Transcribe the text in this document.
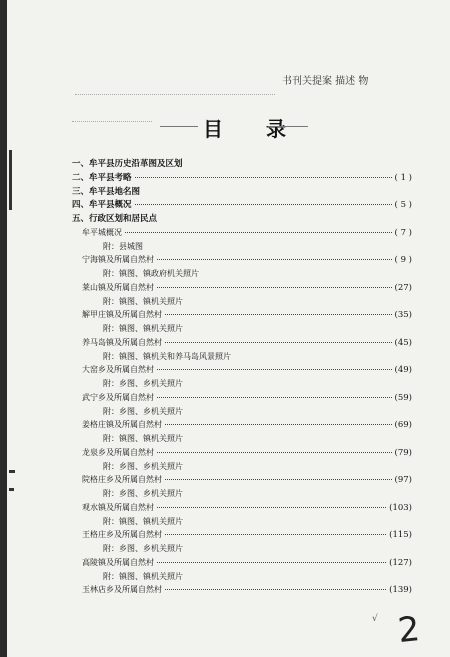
书刊关提案 描述 物
目 录
一、牟平县历史沿革图及区划
二、牟平县考略	( 1 )
三、牟平县地名图
四、牟平县概况	( 5 )
五、行政区划和居民点
牟平城概况	( 7 )
附：县城图
宁海镇及所属自然村	( 9 )
附：镇图、镇政府机关照片
莱山镇及所属自然村	(27)
附：镇图、镇机关照片
解甲庄镇及所属自然村	(35)
附：镇图、镇机关照片
养马岛镇及所属自然村	(45)
附：镇图、镇机关和养马岛风景照片
大窑乡及所属自然村	(49)
附：乡图、乡机关照片
武宁乡及所属自然村	(59)
附：乡图、乡机关照片
姜格庄镇及所属自然村	(69)
附：镇图、镇机关照片
龙泉乡及所属自然村	(79)
附：乡图、乡机关照片
院格庄乡及所属自然村	(97)
附：乡图、乡机关照片
观水镇及所属自然村	(103)
附：镇图、镇机关照片
王格庄乡及所属自然村	(115)
附：乡图、乡机关照片
高陵镇及所属自然村	(127)
附：镇图、镇机关照片
玉林店乡及所属自然村	(139)
√ 2
